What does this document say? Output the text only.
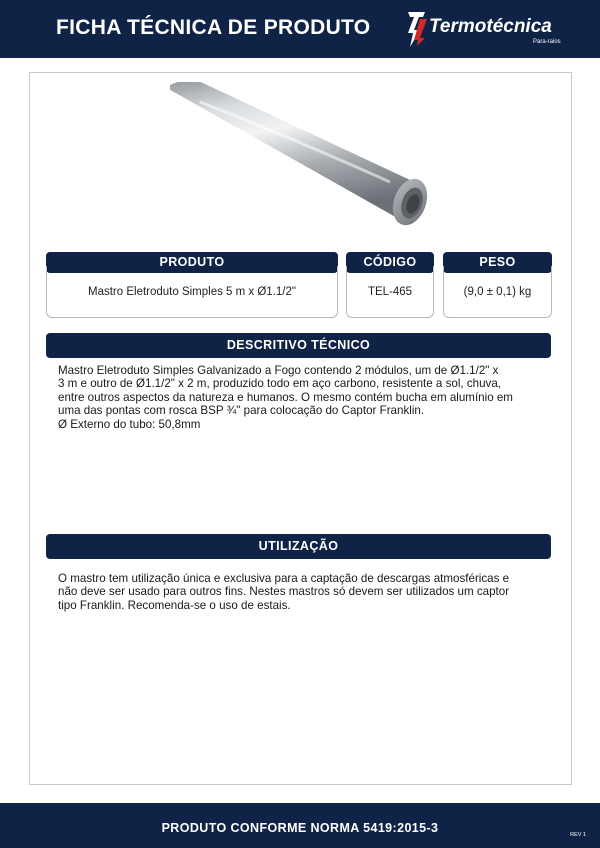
FICHA TÉCNICA DE PRODUTO	Termotécnica
Para-raios
PRODUTO
Mastro Eletroduto Simples 5 m x Ø1.1/2"
CÓDIGO
TEL-465
PESO
(9,0 ± 0,1) kg
DESCRITIVO TÉCNICO
Mastro Eletroduto Simples Galvanizado a Fogo contendo 2 módulos, um de Ø1.1/2" x
3 m e outro de Ø1.1/2" x 2 m, produzido todo em aço carbono, resistente a sol, chuva,
entre outros aspectos da natureza e humanos. O mesmo contém bucha em alumínio em
uma das pontas com rosca BSP ¾" para colocação do Captor Franklin.
Ø Externo do tubo: 50,8mm
UTILIZAÇÃO
O mastro tem utilização única e exclusiva para a captação de descargas atmosféricas e
não deve ser usado para outros fins. Nestes mastros só devem ser utilizados um captor
tipo Franklin. Recomenda-se o uso de estais.
PRODUTO CONFORME NORMA 5419:2015-3	REV 1
